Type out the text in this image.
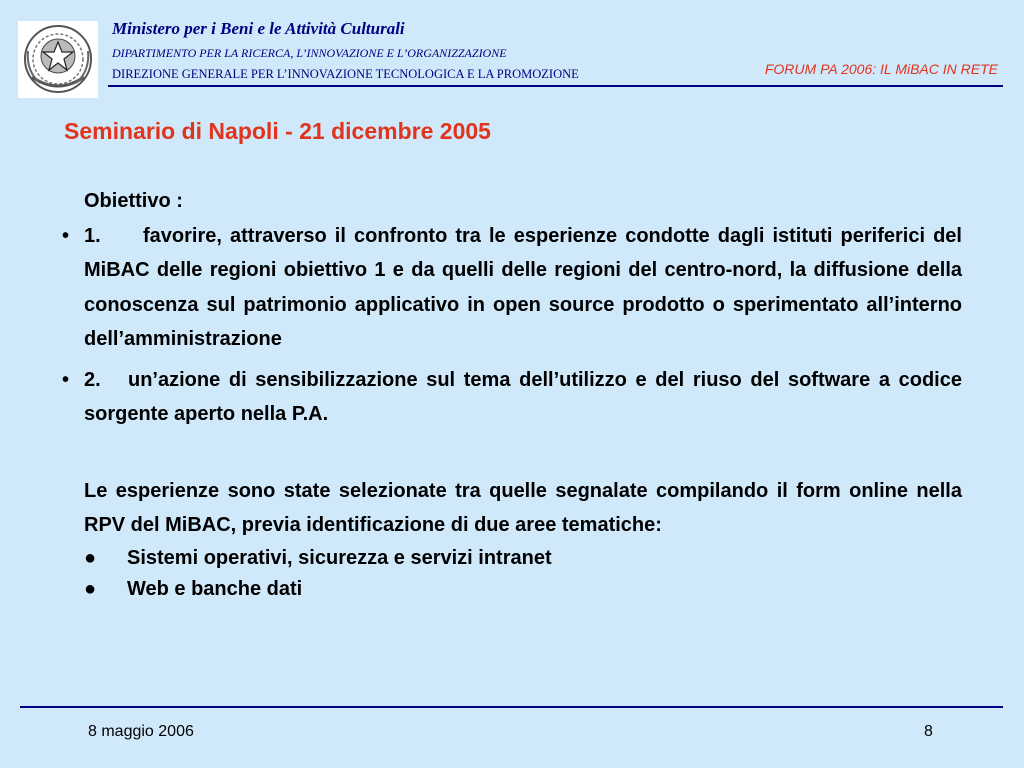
Ministero per i Beni e le Attività Culturali
DIPARTIMENTO PER LA RICERCA, L’INNOVAZIONE E L’ORGANIZZAZIONE
DIREZIONE GENERALE PER L’INNOVAZIONE TECNOLOGICA E LA PROMOZIONE	FORUM PA 2006: IL MiBAC IN RETE
Seminario di Napoli - 21 dicembre 2005

Obiettivo :

• 1. favorire, attraverso il confronto tra le esperienze condotte dagli istituti periferici del MiBAC delle regioni obiettivo 1 e da quelli delle regioni del centro-nord, la diffusione della conoscenza sul patrimonio applicativo in open source prodotto o sperimentato all’interno dell’amministrazione

• 2. un’azione di sensibilizzazione sul tema dell’utilizzo e del riuso del software a codice sorgente aperto nella P.A.

Le esperienze sono state selezionate tra quelle segnalate compilando il form online nella RPV del MiBAC, previa identificazione di due aree tematiche:

● Sistemi operativi, sicurezza e servizi intranet
● Web e banche dati
8 maggio 2006	8
